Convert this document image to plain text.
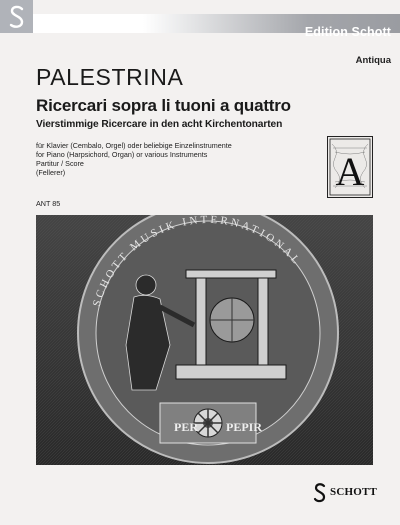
Edition Schott
Antiqua
PALESTRINA
Ricercari sopra li tuoni a quattro
Vierstimmige Ricercare in den acht Kirchentonarten
für Klavier (Cembalo, Orgel) oder beliebige Einzelinstrumente
for Piano (Harpsichord, Organ) or various Instruments
Partitur / Score
(Fellerer)
ANT 85
A
PER PEPIR
SCHOTT MUSIK INTERNATIONAL
SCHOTT
